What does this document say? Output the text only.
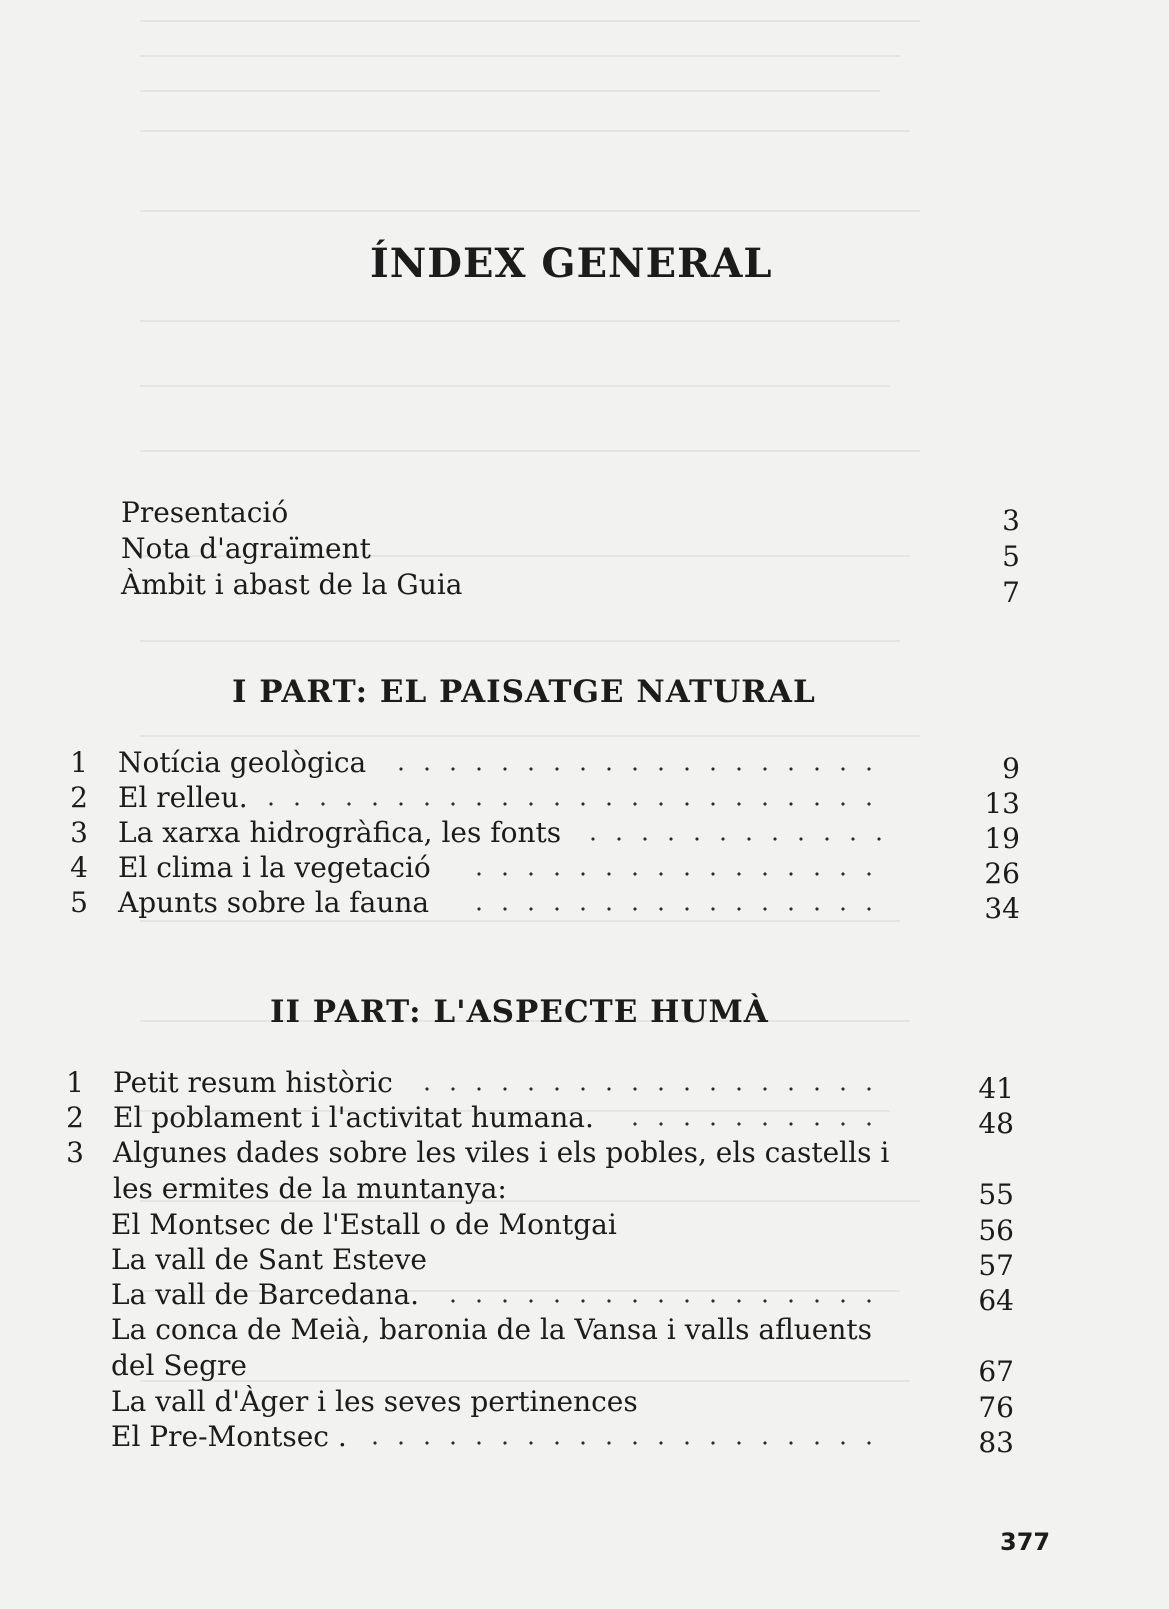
ÍNDEX GENERAL
Presentació	3
Nota d'agraïment	5
Àmbit i abast de la Guia	7
I PART: EL PAISATGE NATURAL
1 Notícia geològica	9
2 El relleu.	13
3 La xarxa hidrogràfica, les fonts	19
4 El clima i la vegetació	26
5 Apunts sobre la fauna	34
II PART: L'ASPECTE HUMÀ
1 Petit resum històric	41
2 El poblament i l'activitat humana.	48
3 Algunes dades sobre les viles i els pobles, els castells i
les ermites de la muntanya:	55
El Montsec de l'Estall o de Montgai	56
La vall de Sant Esteve	57
La vall de Barcedana.	64
La conca de Meià, baronia de la Vansa i valls afluents
del Segre	67
La vall d'Àger i les seves pertinences	76
El Pre-Montsec .	83
377
